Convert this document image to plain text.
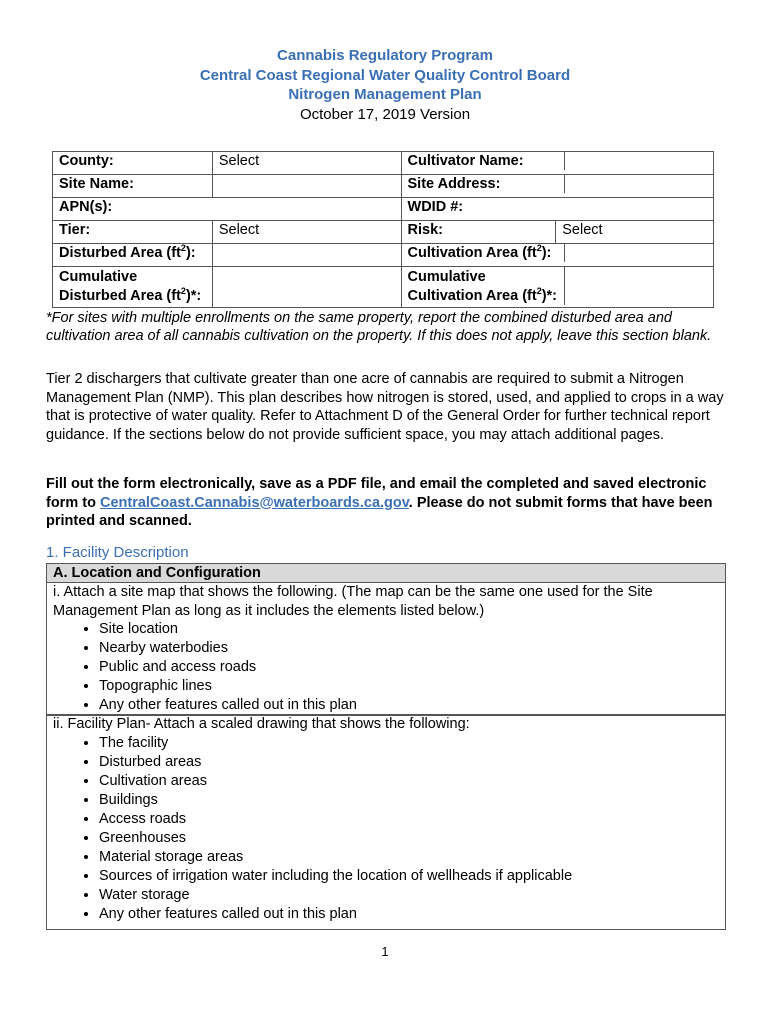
Cannabis Regulatory Program
Central Coast Regional Water Quality Control Board
Nitrogen Management Plan
October 17, 2019 Version
County:	Select	Cultivator Name:	

Site Name:		Site Address:	

APN(s):		WDID #:	
Tier:	Select	Risk:	Select
Disturbed Area $(ft^2)$:		Cultivation Area $(ft^2)$:	

Cumulative
Disturbed Area $(ft^2)*$:		Cumulative
Cultivation Area $(ft^2)*$:	
*For sites with multiple enrollments on the same property, report the combined disturbed area and cultivation area of all cannabis cultivation on the property. If this does not apply, leave this section blank.
Tier 2 dischargers that cultivate greater than one acre of cannabis are required to submit a Nitrogen Management Plan (NMP). This plan describes how nitrogen is stored, used, and applied to crops in a way that is protective of water quality. Refer to Attachment D of the General Order for further technical report guidance. If the sections below do not provide sufficient space, you may attach additional pages.
Fill out the form electronically, save as a PDF file, and email the completed and saved electronic form to CentralCoast.Cannabis@waterboards.ca.gov. Please do not submit forms that have been printed and scanned.
1. Facility Description
A. Location and Configuration
i. Attach a site map that shows the following. (The map can be the same one used for the Site Management Plan as long as it includes the elements listed below.)
• Site location
• Nearby waterbodies
• Public and access roads
• Topographic lines
• Any other features called out in this plan
ii. Facility Plan- Attach a scaled drawing that shows the following:
• The facility
• Disturbed areas
• Cultivation areas
• Buildings
• Access roads
• Greenhouses
• Material storage areas
• Sources of irrigation water including the location of wellheads if applicable
• Water storage
• Any other features called out in this plan
1
